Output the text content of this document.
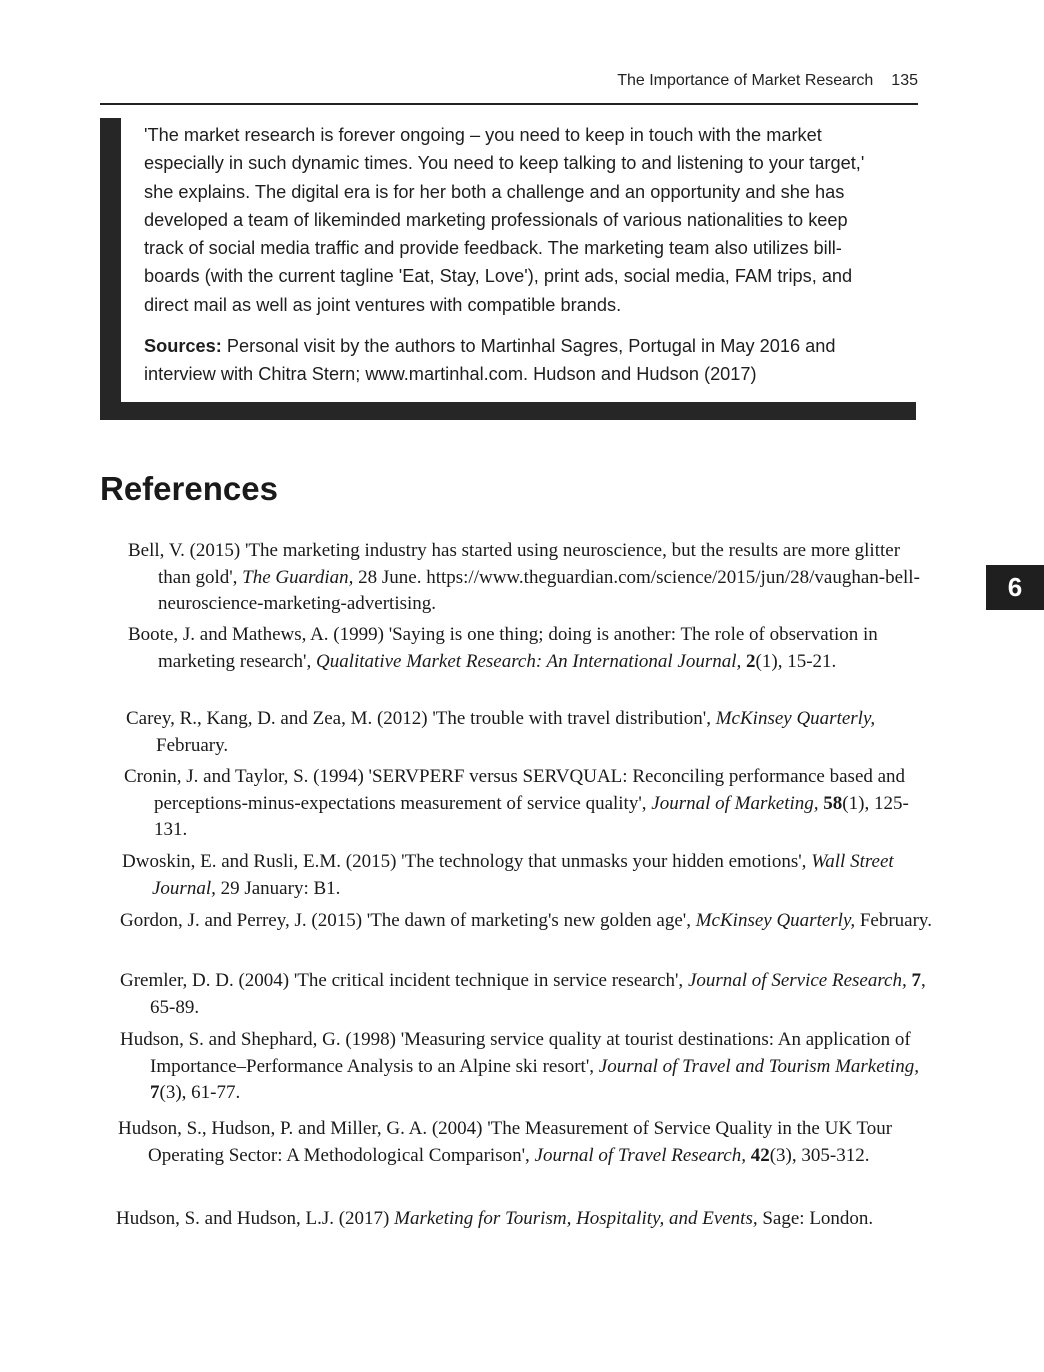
The Importance of Market Research 135

'The market research is forever ongoing – you need to keep in touch with the market especially in such dynamic times. You need to keep talking to and listening to your target,' she explains. The digital era is for her both a challenge and an opportunity and she has developed a team of likeminded marketing professionals of various nationalities to keep track of social media traffic and provide feedback. The marketing team also utilizes bill-boards (with the current tagline 'Eat, Stay, Love'), print ads, social media, FAM trips, and direct mail as well as joint ventures with compatible brands.

Sources: Personal visit by the authors to Martinhal Sagres, Portugal in May 2016 and interview with Chitra Stern; www.martinhal.com. Hudson and Hudson (2017)

References
6

Bell, V. (2015) 'The marketing industry has started using neuroscience, but the results are more glitter than gold', The Guardian, 28 June. https://www.theguardian.com/science/2015/jun/28/vaughan-bell-neuroscience-marketing-advertising.

Boote, J. and Mathews, A. (1999) 'Saying is one thing; doing is another: The role of observation in marketing research', Qualitative Market Research: An International Journal, 2(1), 15-21.

Carey, R., Kang, D. and Zea, M. (2012) 'The trouble with travel distribution', McKinsey Quarterly, February.

Cronin, J. and Taylor, S. (1994) 'SERVPERF versus SERVQUAL: Reconciling performance based and perceptions-minus-expectations measurement of service quality', Journal of Marketing, 58(1), 125-131.

Dwoskin, E. and Rusli, E.M. (2015) 'The technology that unmasks your hidden emotions', Wall Street Journal, 29 January: B1.

Gordon, J. and Perrey, J. (2015) 'The dawn of marketing's new golden age', McKinsey Quarterly, February.

Gremler, D. D. (2004) 'The critical incident technique in service research', Journal of Service Research, 7, 65-89.

Hudson, S. and Shephard, G. (1998) 'Measuring service quality at tourist destinations: An application of Importance–Performance Analysis to an Alpine ski resort', Journal of Travel and Tourism Marketing, 7(3), 61-77.

Hudson, S., Hudson, P. and Miller, G. A. (2004) 'The Measurement of Service Quality in the UK Tour Operating Sector: A Methodological Comparison', Journal of Travel Research, 42(3), 305-312.

Hudson, S. and Hudson, L.J. (2017) Marketing for Tourism, Hospitality, and Events, Sage: London.
